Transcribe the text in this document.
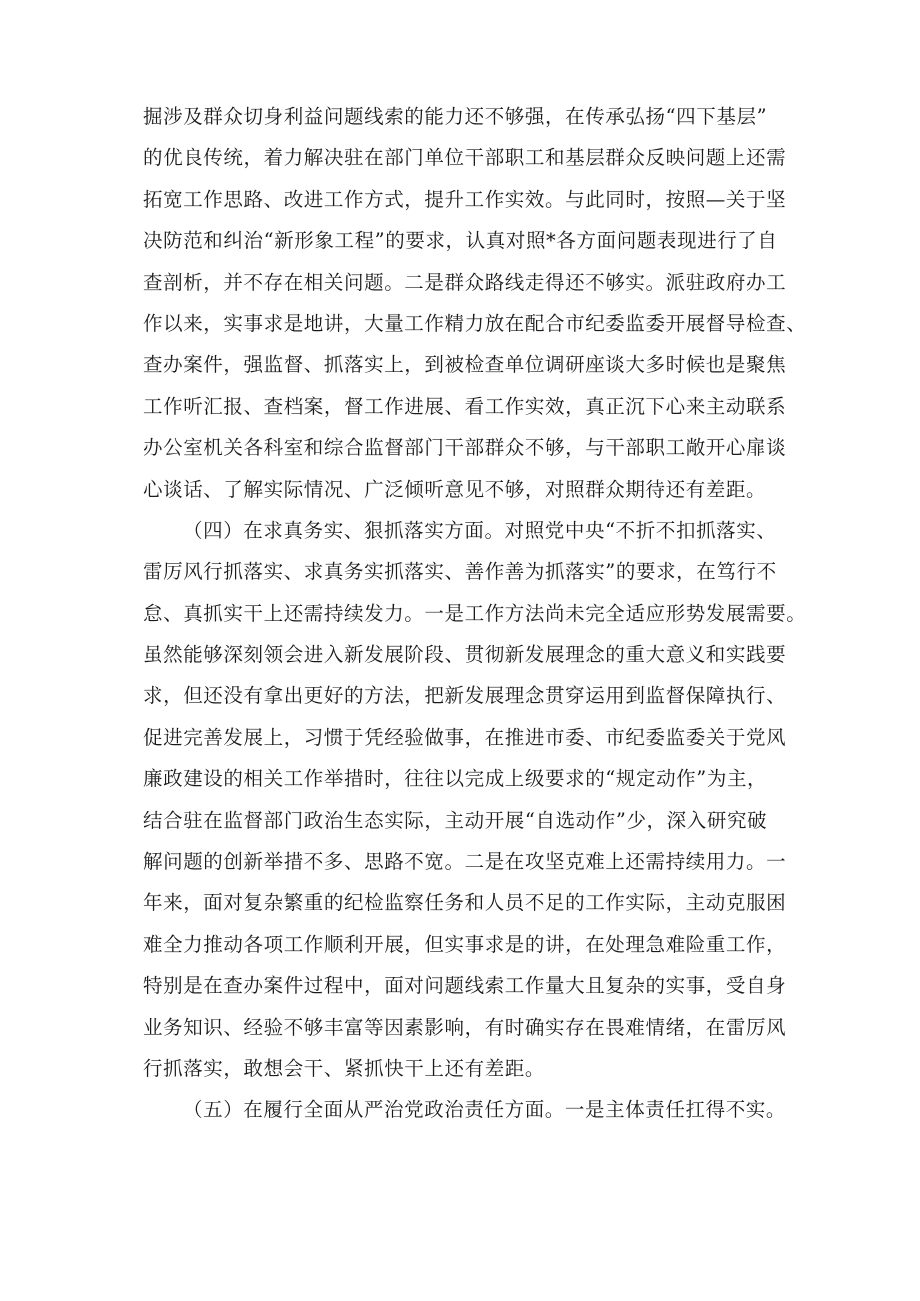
掘涉及群众切身利益问题线索的能力还不够强，在传承弘扬“四下基层”
的优良传统，着力解决驻在部门单位干部职工和基层群众反映问题上还需
拓宽工作思路、改进工作方式，提升工作实效。与此同时，按照—关于坚
决防范和纠治“新形象工程”的要求，认真对照*各方面问题表现进行了自
查剖析，并不存在相关问题。二是群众路线走得还不够实。派驻政府办工
作以来，实事求是地讲，大量工作精力放在配合市纪委监委开展督导检查、
查办案件，强监督、抓落实上，到被检查单位调研座谈大多时候也是聚焦
工作听汇报、查档案，督工作进展、看工作实效，真正沉下心来主动联系
办公室机关各科室和综合监督部门干部群众不够，与干部职工敞开心扉谈
心谈话、了解实际情况、广泛倾听意见不够，对照群众期待还有差距。
（四）在求真务实、狠抓落实方面。对照党中央“不折不扣抓落实、
雷厉风行抓落实、求真务实抓落实、善作善为抓落实”的要求，在笃行不
怠、真抓实干上还需持续发力。一是工作方法尚未完全适应形势发展需要。
虽然能够深刻领会进入新发展阶段、贯彻新发展理念的重大意义和实践要
求，但还没有拿出更好的方法，把新发展理念贯穿运用到监督保障执行、
促进完善发展上，习惯于凭经验做事，在推进市委、市纪委监委关于党风
廉政建设的相关工作举措时，往往以完成上级要求的“规定动作”为主，
结合驻在监督部门政治生态实际，主动开展“自选动作”少，深入研究破
解问题的创新举措不多、思路不宽。二是在攻坚克难上还需持续用力。一
年来，面对复杂繁重的纪检监察任务和人员不足的工作实际，主动克服困
难全力推动各项工作顺利开展，但实事求是的讲，在处理急难险重工作，
特别是在查办案件过程中，面对问题线索工作量大且复杂的实事，受自身
业务知识、经验不够丰富等因素影响，有时确实存在畏难情绪，在雷厉风
行抓落实，敢想会干、紧抓快干上还有差距。
（五）在履行全面从严治党政治责任方面。一是主体责任扛得不实。
